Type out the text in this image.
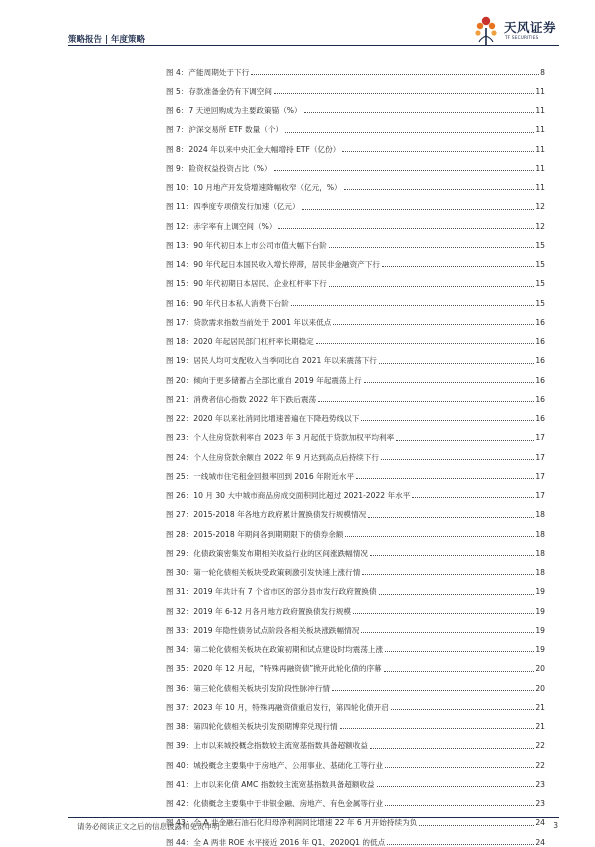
策略报告 | 年度策略
天风证券
TF SECURITIES
图 4：产能周期处于下行	8
图 5：存款准备金仍有下调空间	11
图 6：7 天逆回购成为主要政策锚（%）	11
图 7：沪深交易所 ETF 数量（个）	11
图 8：2024 年以来中央汇金大幅增持 ETF（亿份）	11
图 9：险资权益投资占比（%）	11
图 10：10 月地产开发贷增速降幅收窄（亿元，%）	11
图 11：四季度专项债发行加速（亿元）	12
图 12：赤字率有上调空间（%）	12
图 13：90 年代初日本上市公司市值大幅下台阶	15
图 14：90 年代起日本国民收入增长停滞，居民非金融资产下行	15
图 15：90 年代初期日本居民、企业杠杆率下行	15
图 16：90 年代日本私人消费下台阶	15
图 17：贷款需求指数当前处于 2001 年以来低点	16
图 18：2020 年起居民部门杠杆率长期稳定	16
图 19：居民人均可支配收入当季同比自 2021 年以来震荡下行	16
图 20：倾向于更多储蓄占全部比重自 2019 年起震荡上行	16
图 21：消费者信心指数 2022 年下跌后震荡	16
图 22：2020 年以来社消同比增速普遍在下降趋势线以下	16
图 23：个人住房贷款利率自 2023 年 3 月起低于贷款加权平均利率	17
图 24：个人住房贷款余额自 2022 年 9 月达到高点后持续下行	17
图 25：一线城市住宅租金回报率回到 2016 年附近水平	17
图 26：10 月 30 大中城市商品房成交面积同比超过 2021-2022 年水平	17
图 27：2015-2018 年各地方政府累计置换债发行规模情况	18
图 28：2015-2018 年期间各到期期限下的债券余额	18
图 29：化债政策密集发布期相关收益行业的区间涨跌幅情况	18
图 30：第一轮化债相关板块受政策刺激引发快速上涨行情	18
图 31：2019 年共计有 7 个省市区的部分县市发行政府置换债	19
图 32：2019 年 6-12 月各月地方政府置换债发行规模	19
图 33：2019 年隐性债务试点阶段各相关板块涨跌幅情况	19
图 34：第二轮化债相关板块在政策初期和试点建设时均震荡上涨	19
图 35：2020 年 12 月起，“特殊再融资债”掀开此轮化债的序幕	20
图 36：第三轮化债相关板块引发阶段性脉冲行情	20
图 37：2023 年 10 月，特殊再融资债重启发行，第四轮化债开启	21
图 38：第四轮化债相关板块引发预期博弈兑现行情	21
图 39：上市以来城投概念指数较主流宽基指数具备超额收益	22
图 40：城投概念主要集中于房地产、公用事业、基础化工等行业	22
图 41：上市以来化债 AMC 指数较主流宽基指数具备超额收益	23
图 42：化债概念主要集中于非银金融、房地产、有色金属等行业	23
图 43：全 A 非金融石油石化归母净利润同比增速 22 年 6 月开始持续为负	24
图 44：全 A 两非 ROE 水平接近 2016 年 Q1、2020Q1 的低点	24
请务必阅读正文之后的信息披露和免责申明	3
